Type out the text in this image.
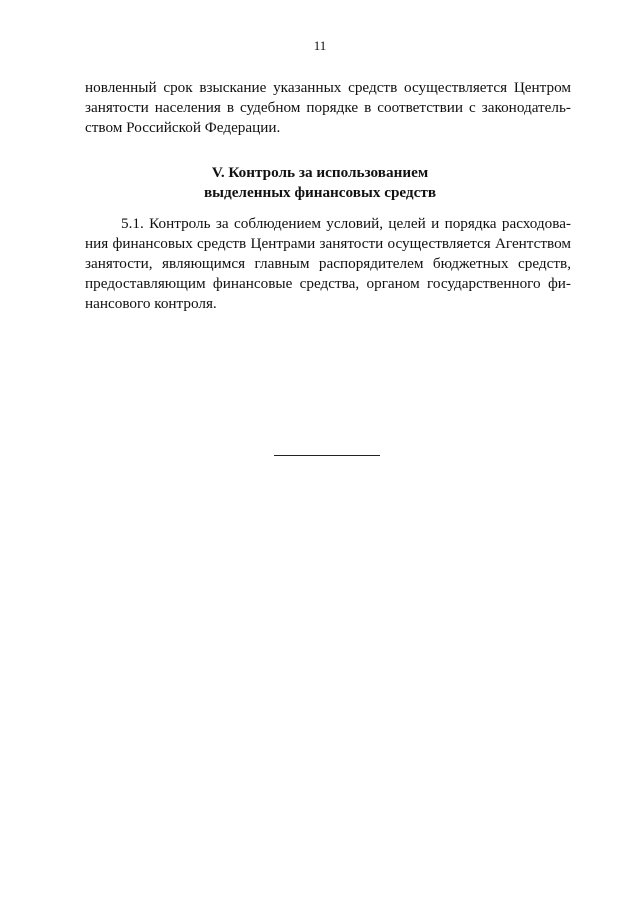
11
новленный срок взыскание указанных средств осуществляется Центром
занятости населения в судебном порядке в соответствии с законодатель-
ством Российской Федерации.
V. Контроль за использованием
выделенных финансовых средств
5.1. Контроль за соблюдением условий, целей и порядка расходова-
ния финансовых средств Центрами занятости осуществляется Агентством
занятости, являющимся главным распорядителем бюджетных средств,
предоставляющим финансовые средства, органом государственного фи-
нансового контроля.
